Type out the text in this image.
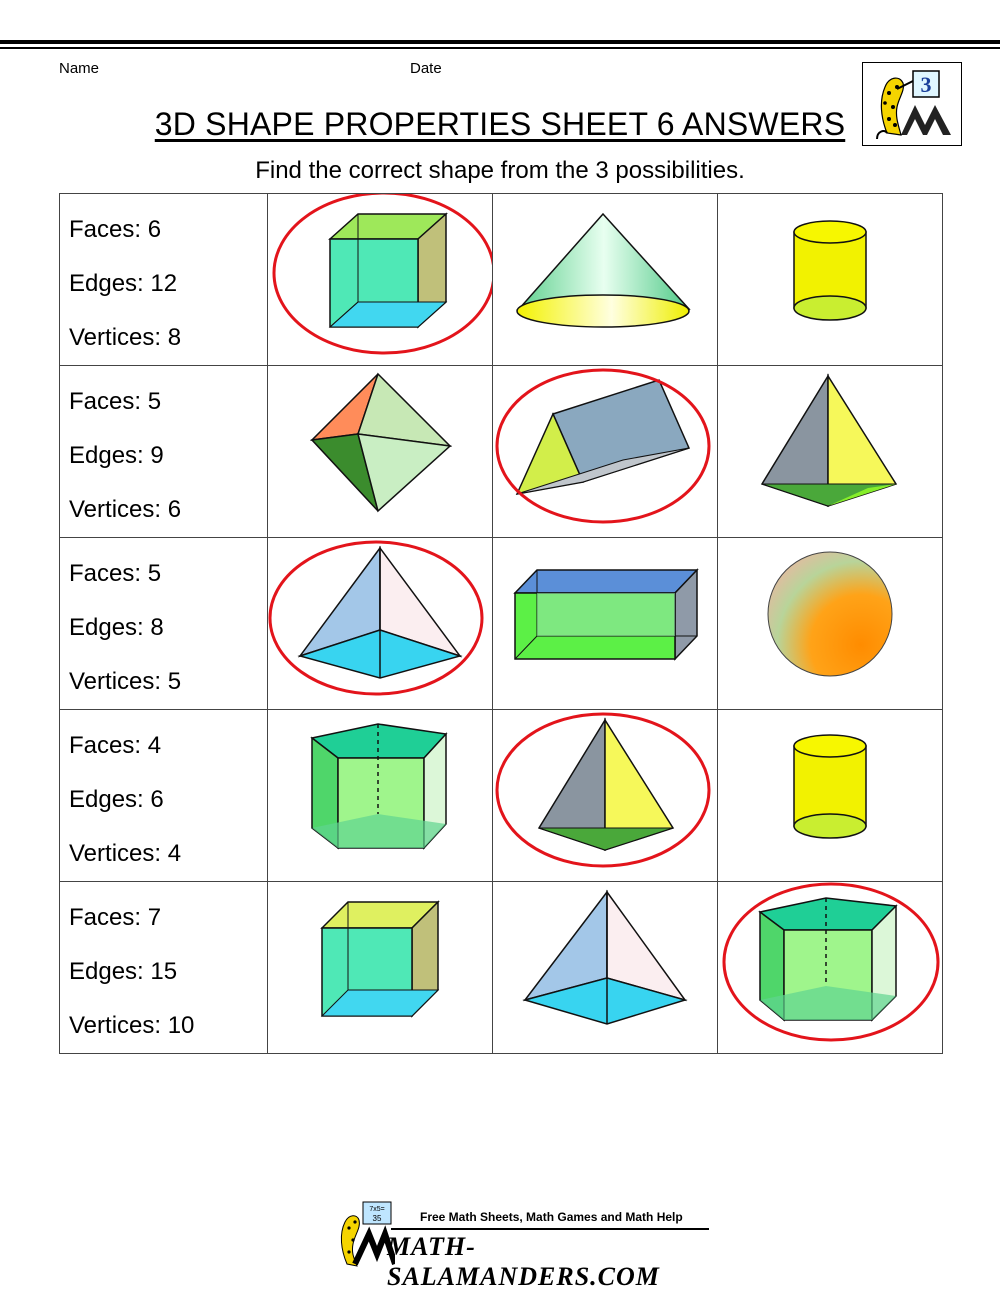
Name	Date
3
3D SHAPE PROPERTIES SHEET 6 ANSWERS
Find the correct shape from the 3 possibilities.
Faces: 6
Edges: 12
Vertices: 8

Faces: 5
Edges: 9
Vertices: 6

Faces: 5
Edges: 8
Vertices: 5

Faces: 4
Edges: 6
Vertices: 4

Faces: 7
Edges: 15
Vertices: 10

7x5=
35	Free Math Sheets, Math Games and Math Help
MATH-SALAMANDERS.COM
